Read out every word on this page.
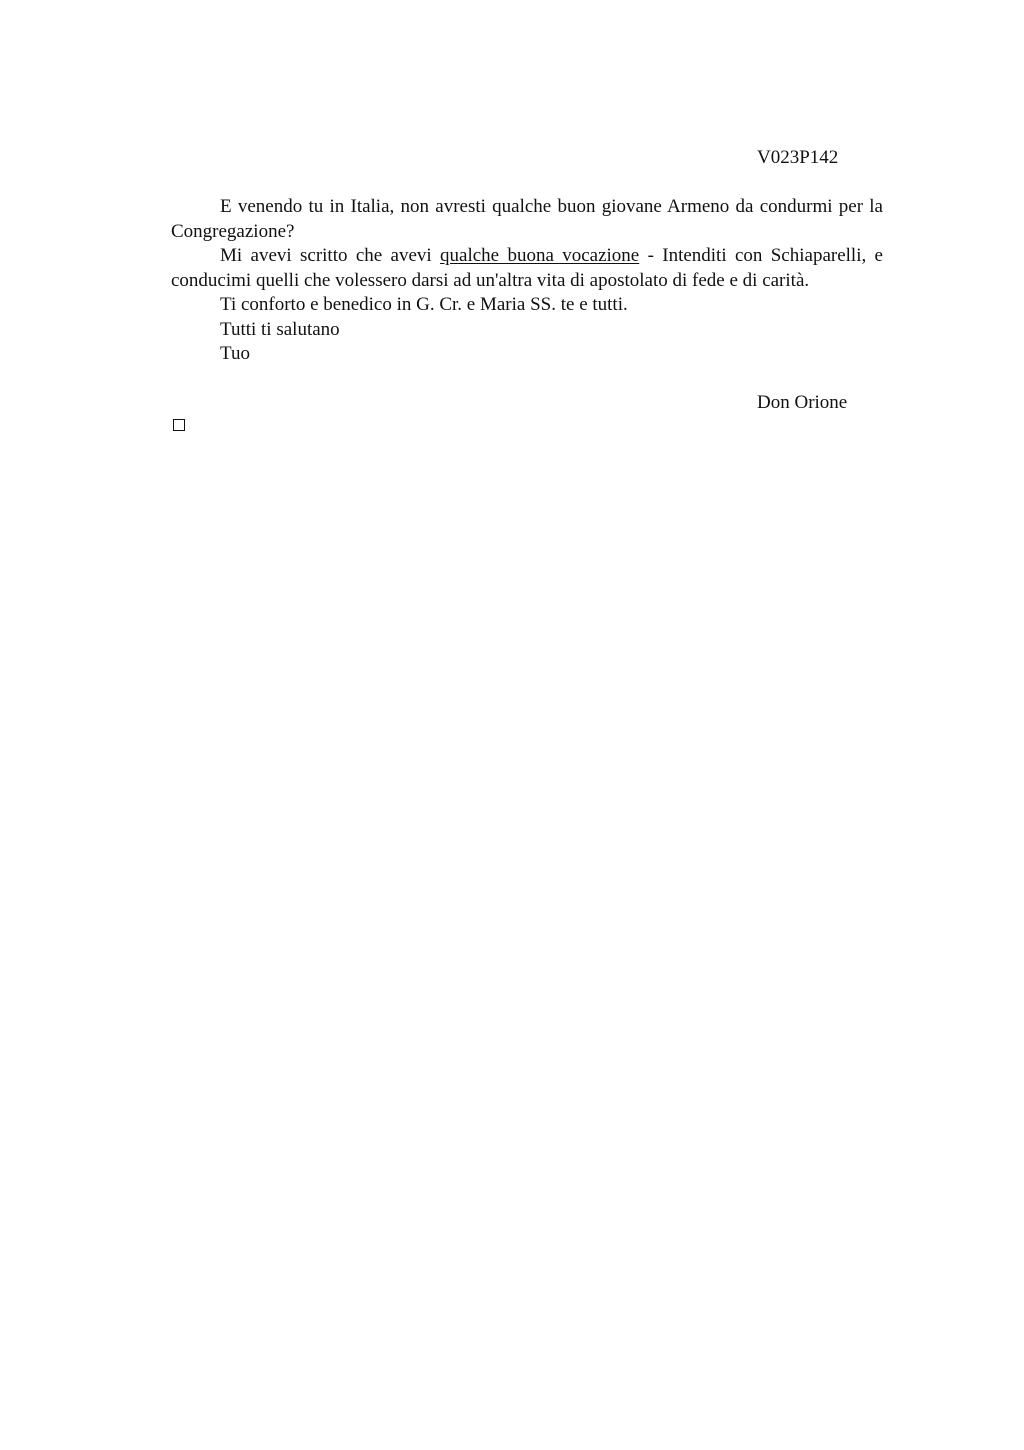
V023P142

E venendo tu in Italia, non avresti qualche buon giovane Armeno da condurmi per la Congregazione?

Mi avevi scritto che avevi qualche buona vocazione - Intenditi con Schiaparelli, e conducimi quelli che volessero darsi ad un'altra vita di apostolato di fede e di carità.

Ti conforto e benedico in G. Cr. e Maria SS. te e tutti.

Tutti ti salutano

Tuo

Don Orione
